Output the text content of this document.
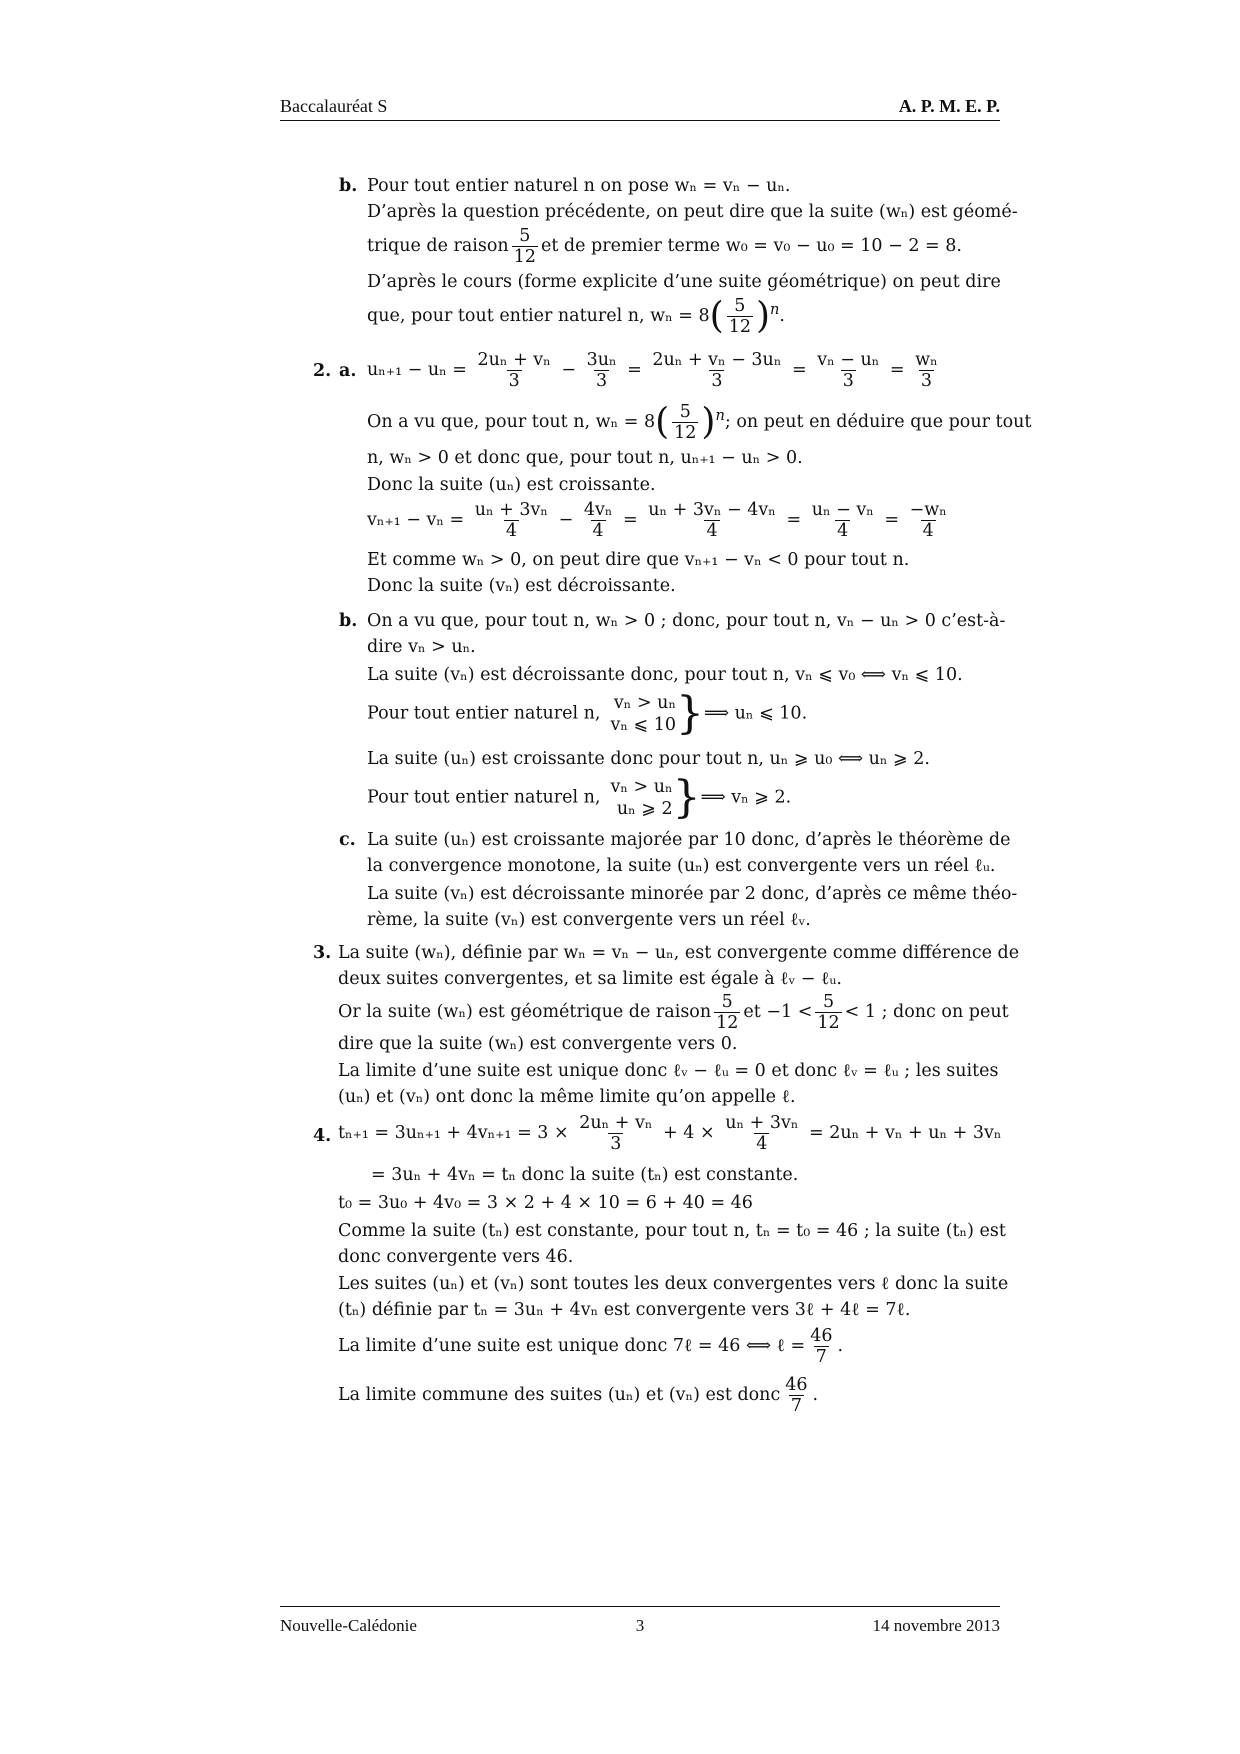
Baccalauréat S	A. P. M. E. P.
b. Pour tout entier naturel n on pose wₙ = vₙ − uₙ.
D’après la question précédente, on peut dire que la suite (wₙ) est géomé-
trique de raison $\frac{5}{12}$ et de premier terme w₀ = v₀ − u₀ = 10 − 2 = 8.
D’après le cours (forme explicite d’une suite géométrique) on peut dire
que, pour tout entier naturel n, $w_n = 8( \frac{5}{12} )^n$.
2. a. $u_{n+1} - u_n = \frac{\text{2uₙ + vₙ}}{3} - \frac{\text{3uₙ}}{3} = \frac{\text{2uₙ + vₙ − 3uₙ}}{3} = \frac{\text{vₙ − uₙ}}{3} = \frac{\text{wₙ}}{3}$
On a vu que, pour tout n, $w_n = 8( \frac{5}{12} )^n$; on peut en déduire que pour tout
n, wₙ > 0 et donc que, pour tout n, uₙ₊₁ − uₙ > 0.
Donc la suite (uₙ) est croissante.
$v_{n+1} - v_n = \frac{\text{uₙ + 3vₙ}}{4} - \frac{\text{4vₙ}}{4} = \frac{\text{uₙ + 3vₙ − 4vₙ}}{4} = \frac{\text{uₙ − vₙ}}{4} = \frac{\text{−wₙ}}{4}$
Et comme wₙ > 0, on peut dire que vₙ₊₁ − vₙ < 0 pour tout n.
Donc la suite (vₙ) est décroissante.
b. On a vu que, pour tout n, wₙ > 0 ; donc, pour tout n, vₙ − uₙ > 0 c’est-à-
dire vₙ > uₙ.
La suite (vₙ) est décroissante donc, pour tout n, vₙ ⩽ v₀ ⟺ vₙ ⩽ 10.
Pour tout entier naturel n,
vₙ > uₙ
vₙ ⩽ 10 }⟹ uₙ ⩽ 10.
La suite (uₙ) est croissante donc pour tout n, uₙ ⩾ u₀ ⟺ uₙ ⩾ 2.
Pour tout entier naturel n,
vₙ > uₙ
uₙ ⩾ 2 }⟹ vₙ ⩾ 2.
c. La suite (uₙ) est croissante majorée par 10 donc, d’après le théorème de
la convergence monotone, la suite (uₙ) est convergente vers un réel ℓᵤ.
La suite (vₙ) est décroissante minorée par 2 donc, d’après ce même théo-
rème, la suite (vₙ) est convergente vers un réel ℓᵥ.
3. La suite (wₙ), définie par wₙ = vₙ − uₙ, est convergente comme différence de
deux suites convergentes, et sa limite est égale à ℓᵥ − ℓᵤ.
Or la suite (wₙ) est géométrique de raison $\frac{5}{12}$ et $-1 < \frac{5}{12} < 1$ ; donc on peut
dire que la suite (wₙ) est convergente vers 0.
La limite d’une suite est unique donc ℓᵥ − ℓᵤ = 0 et donc ℓᵥ = ℓᵤ ; les suites
(uₙ) et (vₙ) ont donc la même limite qu’on appelle ℓ.
4. $t_{n+1} = 3u_{n+1} + 4v_{n+1} = 3 \times \frac{\text{2uₙ + vₙ}}{3} + 4 \times \frac{\text{uₙ + 3vₙ}}{4} = 2u_n + v_n + u_n + 3v_n$
= 3uₙ + 4vₙ = tₙ donc la suite (tₙ) est constante.
t₀ = 3u₀ + 4v₀ = 3 × 2 + 4 × 10 = 6 + 40 = 46
Comme la suite (tₙ) est constante, pour tout n, tₙ = t₀ = 46 ; la suite (tₙ) est
donc convergente vers 46.
Les suites (uₙ) et (vₙ) sont toutes les deux convergentes vers ℓ donc la suite
(tₙ) définie par tₙ = 3uₙ + 4vₙ est convergente vers 3ℓ + 4ℓ = 7ℓ.
La limite d’une suite est unique donc 7ℓ = 46 ⟺ ℓ = $\frac{46}{7}$ .
La limite commune des suites (uₙ) et (vₙ) est donc $\frac{46}{7}$ .
Nouvelle-Calédonie	3	14 novembre 2013
